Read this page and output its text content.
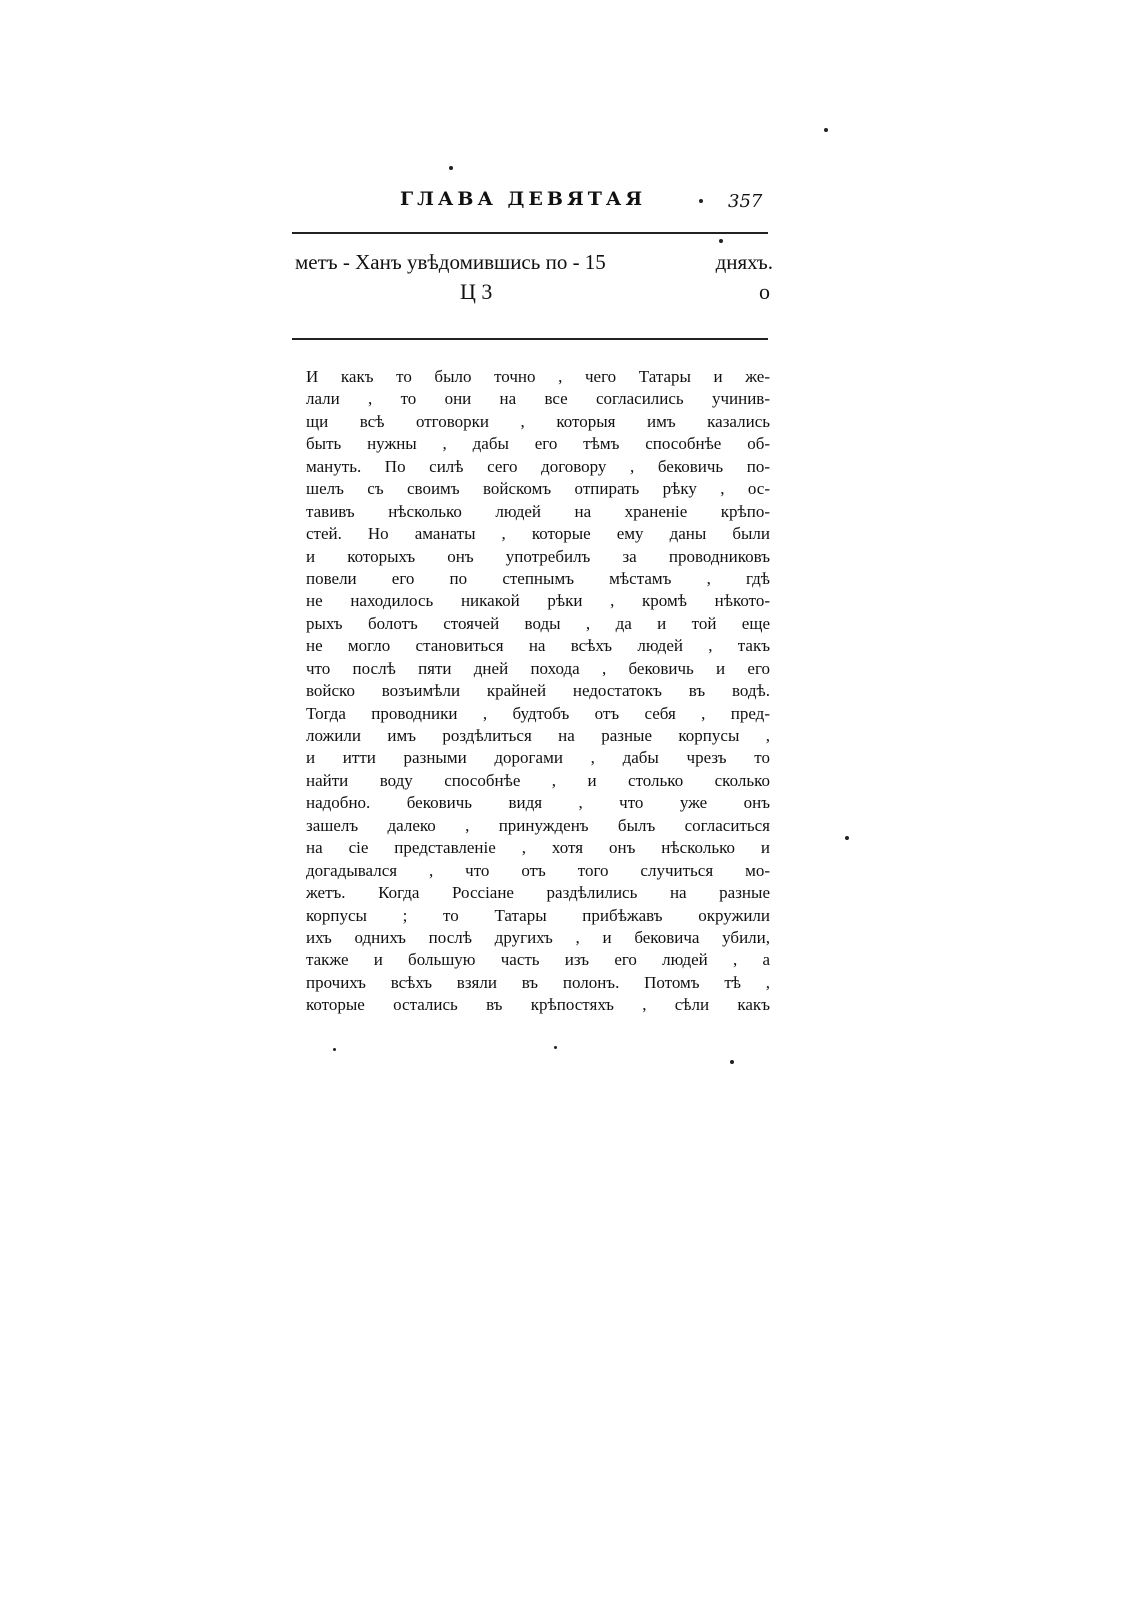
ГЛАВА ДЕВЯТАЯ	357
метъ - Ханъ увѣдомившись по - 15	дняхъ.
Ц 3	о
И какъ то было точно , чего Татары и же-
лали , то они на все согласились учинив-
щи всѣ отговорки , которыя имъ казались
быть нужны , дабы его тѣмъ способнѣе об-
мануть. По силѣ сего договору , бековичь по-
шелъ съ своимъ войскомъ отпирать рѣку , ос-
тавивъ нѣсколько людей на храненіе крѣпо-
стей. Но аманаты , которые ему даны были
и которыхъ онъ употребилъ за проводниковъ
повели его по степнымъ мѣстамъ , гдѣ
не находилось никакой рѣки , кромѣ нѣкото-
рыхъ болотъ стоячей воды , да и той еще
не могло становиться на всѣхъ людей , такъ
что послѣ пяти дней похода , бековичь и его
войско возъимѣли крайней недостатокъ въ водѣ.
Тогда проводники , будтобъ отъ себя , пред-
ложили имъ роздѣлиться на разные корпусы ,
и итти разными дорогами , дабы чрезъ то
найти воду способнѣе , и столько сколько
надобно. бековичь видя , что уже онъ
зашелъ далеко , принужденъ былъ согласиться
на сіе представленіе , хотя онъ нѣсколько и
догадывался , что отъ того случиться мо-
жетъ. Когда Россіане раздѣлились на разные
корпусы ; то Татары прибѣжавъ окружили
ихъ однихъ послѣ другихъ , и бековича убили,
также и большую часть изъ его людей , а
прочихъ всѣхъ взяли въ полонъ. Потомъ тѣ ,
которые остались въ крѣпостяхъ , сѣли какъ
